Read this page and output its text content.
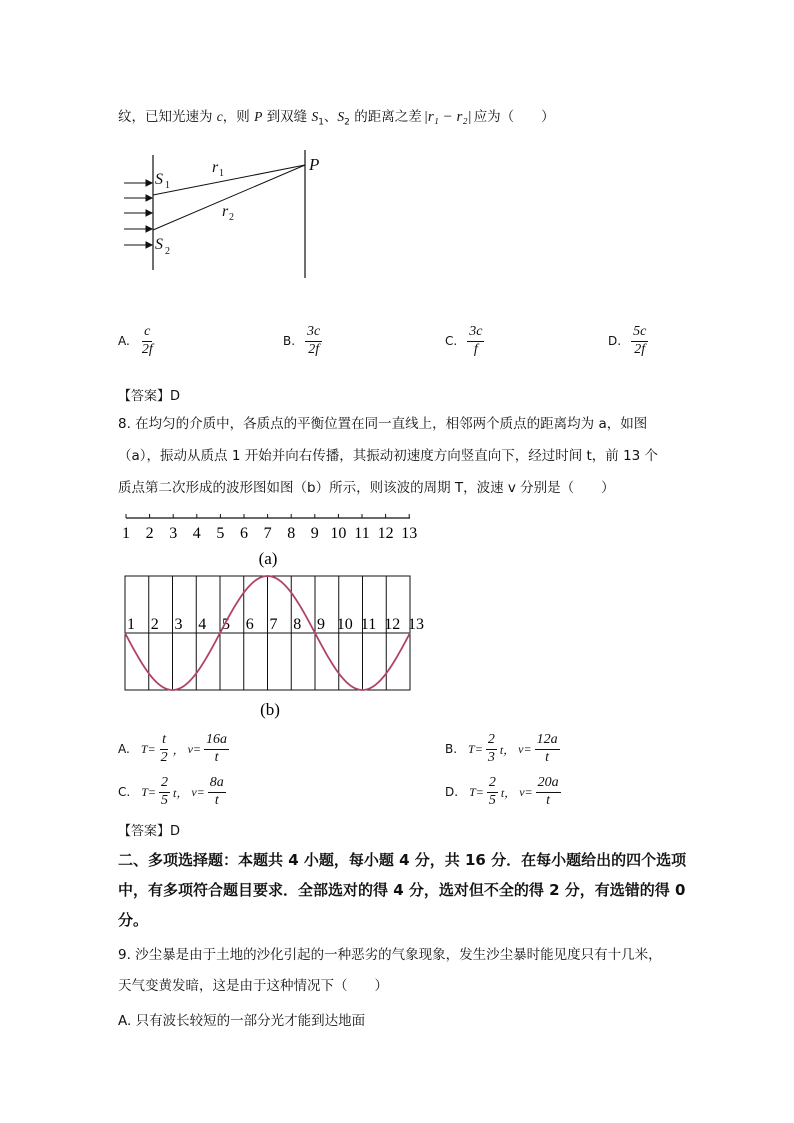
纹，已知光速为 c，则 P 到双缝 $S_1$、$S_2$ 的距离之差 |r₁ − r₂| 应为（　　）
S 1
S 2
r 1
r 2
P
A. $\frac{c}{2f}$	B. $\frac{3c}{2f}$	C. $\frac{3c}{f}$	D. $\frac{5c}{2f}$
【答案】D
8. 在均匀的介质中，各质点的平衡位置在同一直线上，相邻两个质点的距离均为 a，如图
（a），振动从质点 1 开始并向右传播，其振动初速度方向竖直向下，经过时间 t，前 13 个
质点第二次形成的波形图如图（b）所示，则该波的周期 T，波速 v 分别是（　　）
1 2 3 4 5 6 7 8 9 10 11 12 13
(a)
1 2 3 4 5 6 7 8 9 10 11 12 13
(b)
A. $T= \frac{t}{2}$ ， $v= \frac{16a}{t}$	B. $T= \frac{2}{3}$ t， $v= \frac{12a}{t}$
C. $T= \frac{2}{5}$ t， $v= \frac{8a}{t}$	D. $T= \frac{2}{5}$ t， $v= \frac{20a}{t}$
【答案】D
二、多项选择题：本题共 4 小题，每小题 4 分，共 16 分．在每小题给出的四个选项中，有多项符合题目要求．全部选对的得 4 分，选对但不全的得 2 分，有选错的得 0 分。
9. 沙尘暴是由于土地的沙化引起的一种恶劣的气象现象，发生沙尘暴时能见度只有十几米，
天气变黄发暗，这是由于这种情况下（　　）
A. 只有波长较短的一部分光才能到达地面
